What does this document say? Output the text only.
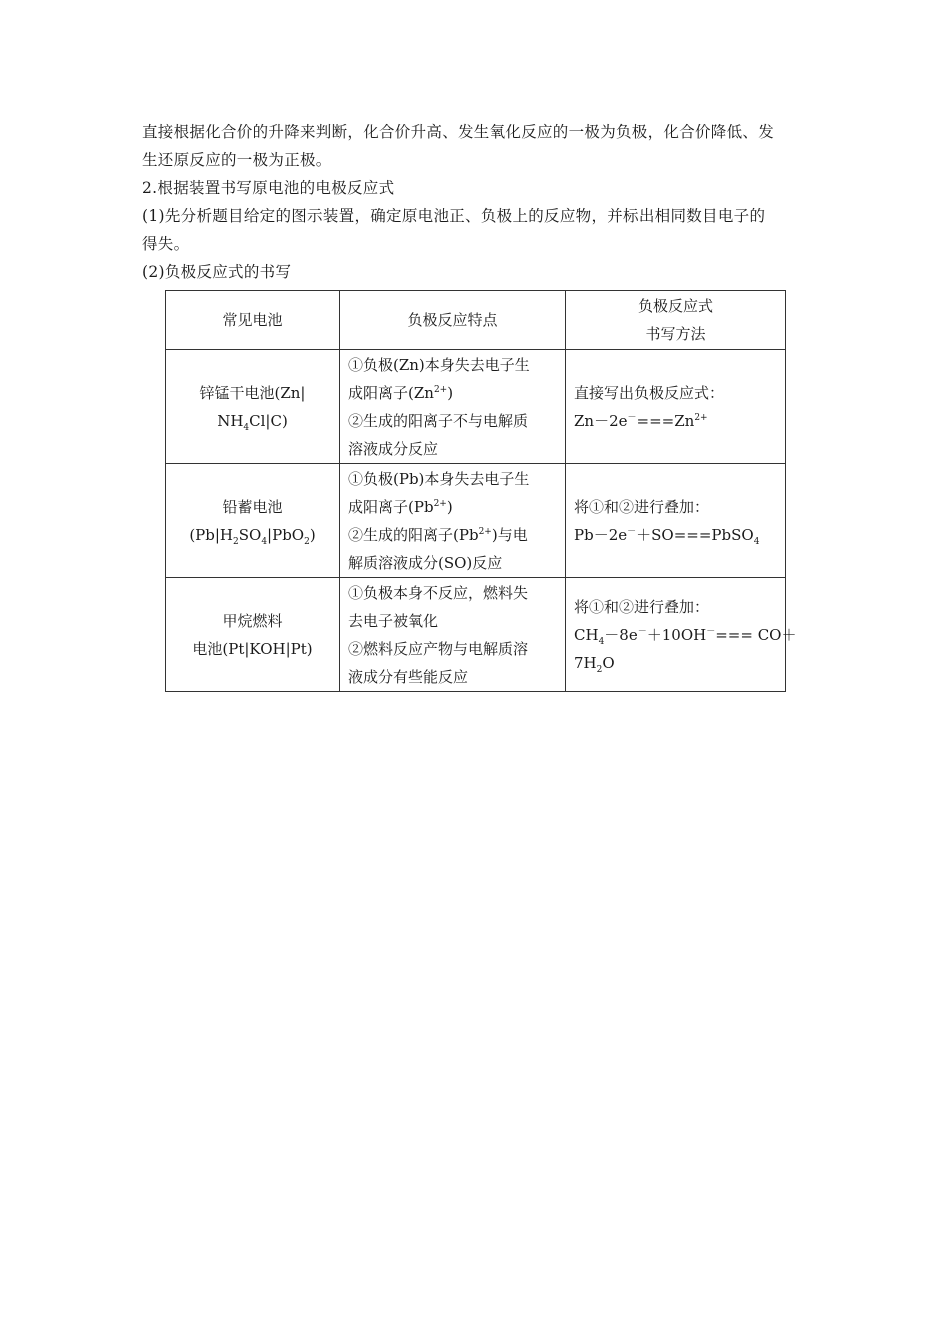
直接根据化合价的升降来判断，化合价升高、发生氧化反应的一极为负极，化合价降低、发
生还原反应的一极为正极。

2.根据装置书写原电池的电极反应式

(1)先分析题目给定的图示装置，确定原电池正、负极上的反应物，并标出相同数目电子的
得失。

(2)负极反应式的书写

常见电池	负极反应特点	负极反应式
书写方法

锌锰干电池(Zn|
$NH_4Cl|C$)	①负极(Zn)本身失去电子生
成阳离子$(Zn^{2+})$
②生成的阳离子不与电解质
溶液成分反应	直接写出负极反应式：
$Zn-2e^-===Zn^{2+}$

铅蓄电池
$(Pb|H_2SO_4|PbO_2)$	①负极(Pb)本身失去电子生
成阳离子$(Pb^{2+})$
②生成的阳离子$(Pb^{2+})$与电
解质溶液成分(SO)反应	将①和②进行叠加：
Pb－2e－＋SO===PbSO$_4$

甲烷燃料
电池(Pt|KOH|Pt)	①负极本身不反应，燃料失
去电子被氧化
②燃料反应产物与电解质溶
液成分有些能反应	将①和②进行叠加：
$CH_4-8e^-+10OH^-=== CO+$
$7H_2O$
